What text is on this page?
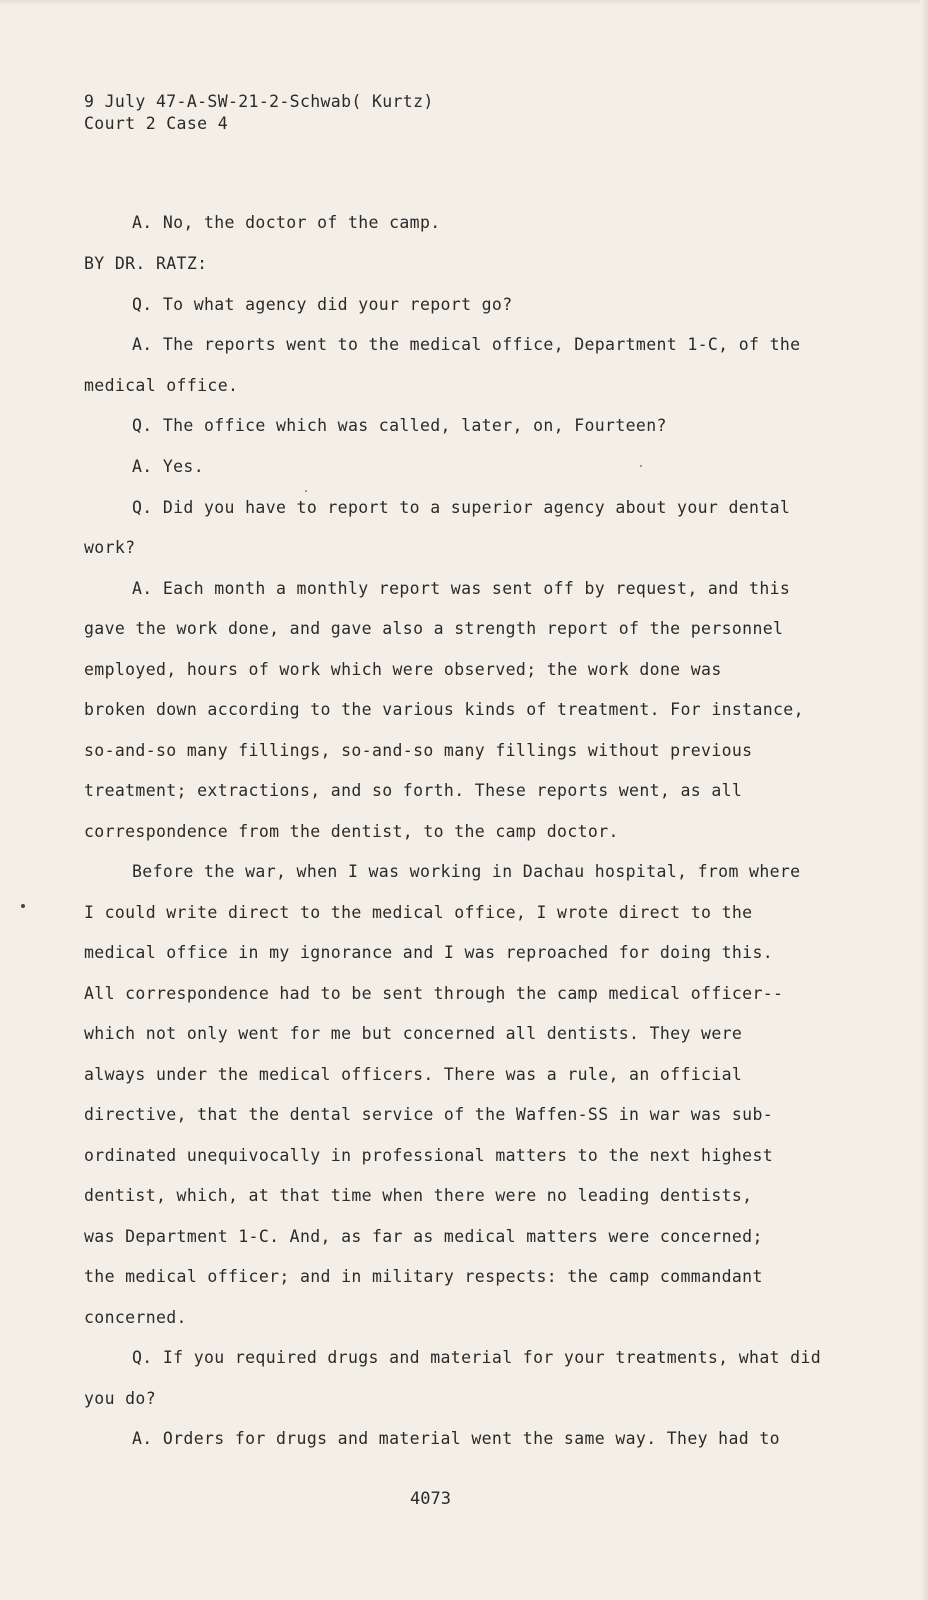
9 July 47-A-SW-21-2-Schwab( Kurtz)
Court 2 Case 4
A. No, the doctor of the camp.
BY DR. RATZ:
Q. To what agency did your report go?
A. The reports went to the medical office, Department 1-C, of the
medical office.
Q. The office which was called, later, on, Fourteen?
A. Yes.
Q. Did you have to report to a superior agency about your dental
work?
A. Each month a monthly report was sent off by request, and this
gave the work done, and gave also a strength report of the personnel
employed, hours of work which were observed; the work done was
broken down according to the various kinds of treatment. For instance,
so-and-so many fillings, so-and-so many fillings without previous
treatment; extractions, and so forth. These reports went, as all
correspondence from the dentist, to the camp doctor.
Before the war, when I was working in Dachau hospital, from where
I could write direct to the medical office, I wrote direct to the
medical office in my ignorance and I was reproached for doing this.
All correspondence had to be sent through the camp medical officer--
which not only went for me but concerned all dentists. They were
always under the medical officers. There was a rule, an official
directive, that the dental service of the Waffen-SS in war was sub-
ordinated unequivocally in professional matters to the next highest
dentist, which, at that time when there were no leading dentists,
was Department 1-C. And, as far as medical matters were concerned;
the medical officer; and in military respects: the camp commandant
concerned.
Q. If you required drugs and material for your treatments, what did
you do?
A. Orders for drugs and material went the same way. They had to
4073
